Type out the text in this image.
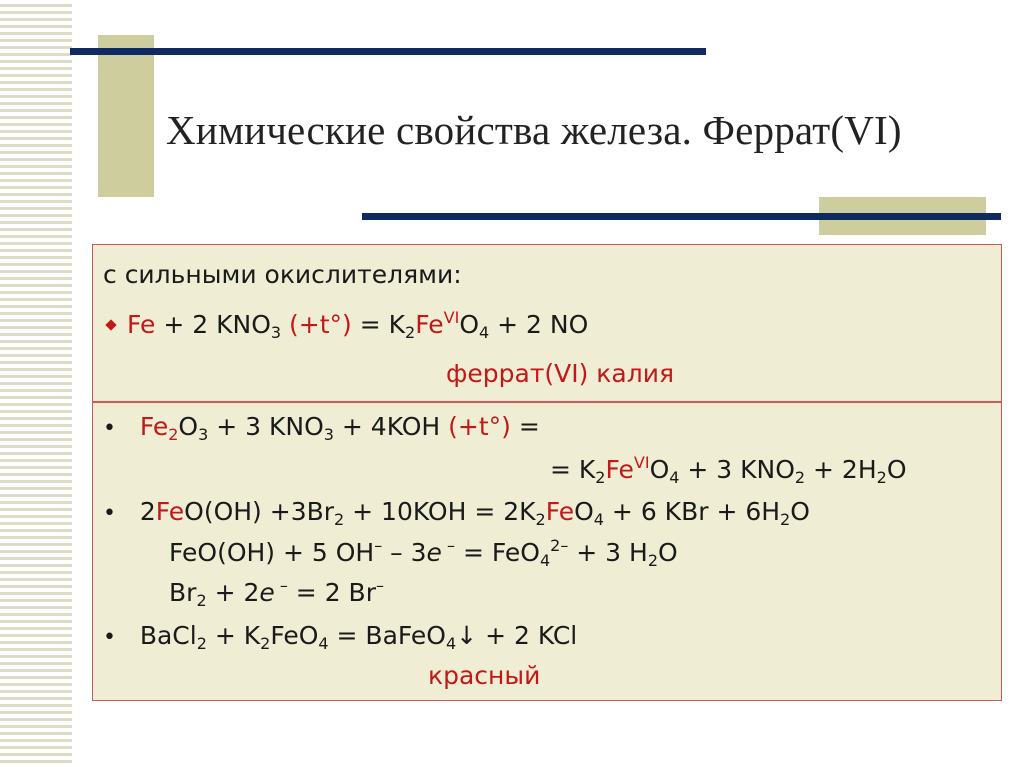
Химические свойства железа. Феррат(VI)
с сильными окислителями:
Fe + 2 $KNO_3$ $(+t^\circ) = K_2Fe^{VI}O_4 + 2$ NO
феррат(VI) калия
• $Fe_2O_3 + 3$ $KNO_3 + 4KOH$ (+t°) =
= $K_2Fe^{VI}O_4 + 3$ $KNO_2 + 2H_2O$
• $2FeO(OH) +3Br_2 + 10KOH = 2K_2FeO_4 + 6$ KBr + $6H_2O$
FeO(OH) + 5 OH– – 3e – = FeO$_4^{2-}$ + 3 $H_2O$
$Br_2 + 2e$ – = 2 Br–
• BaCl$_2$ + $K_2FeO_4$ = BaFeO$_4$↓ + 2 KCl
красный
